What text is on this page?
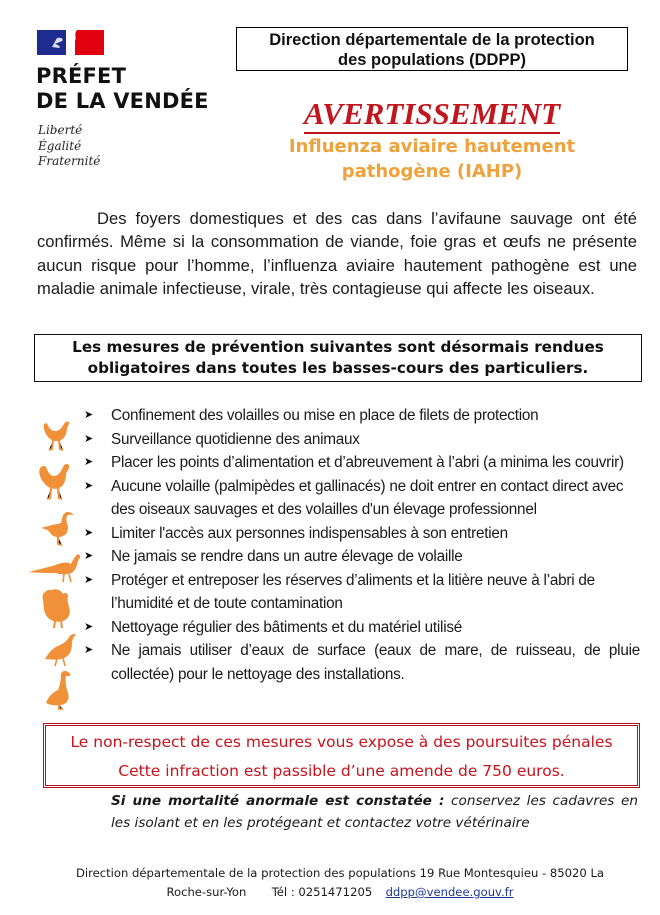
PRÉFET
DE LA VENDÉE
Liberté
Égalité
Fraternité
Direction départementale de la protection
des populations (DDPP)
AVERTISSEMENT
Influenza aviaire hautement
pathogène (IAHP)
Des foyers domestiques et des cas dans l’avifaune sauvage ont été confirmés. Même si la consommation de viande, foie gras et œufs ne présente aucun risque pour l’homme, l’influenza aviaire hautement pathogène est une maladie animale infectieuse, virale, très contagieuse qui affecte les oiseaux.
Les mesures de prévention suivantes sont désormais rendues
obligatoires dans toutes les basses-cours des particuliers.
➤ Confinement des volailles ou mise en place de filets de protection
➤ Surveillance quotidienne des animaux
➤ Placer les points d’alimentation et d’abreuvement à l’abri (a minima les couvrir)
➤ Aucune volaille (palmipèdes et gallinacés) ne doit entrer en contact direct avec des oiseaux sauvages et des volailles d'un élevage professionnel
➤ Limiter l'accès aux personnes indispensables à son entretien
➤ Ne jamais se rendre dans un autre élevage de volaille
➤ Protéger et entreposer les réserves d’aliments et la litière neuve à l’abri de l’humidité et de toute contamination
➤ Nettoyage régulier des bâtiments et du matériel utilisé
➤ Ne jamais utiliser d’eaux de surface (eaux de mare, de ruisseau, de pluie collectée) pour le nettoyage des installations.
Le non-respect de ces mesures vous expose à des poursuites pénales
Cette infraction est passible d’une amende de 750 euros.
Si une mortalité anormale est constatée : conservez les cadavres en les isolant et en les protégeant et contactez votre vétérinaire
Direction départementale de la protection des populations 19 Rue Montesquieu - 85020 La
Roche-sur-Yon Tél : 0251471205 ddpp@vendee.gouv.fr
